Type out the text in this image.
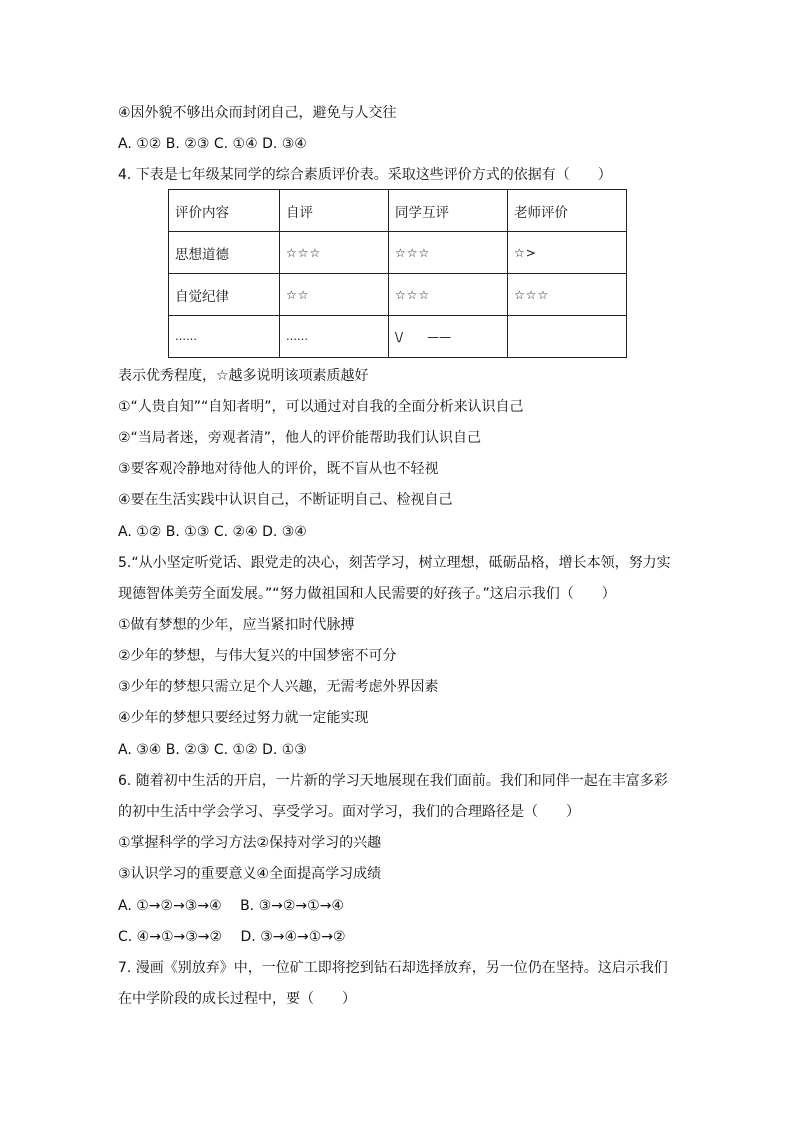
④因外貌不够出众而封闭自己，避免与人交往
A. ①② B. ②③ C. ①④ D. ③④
4. 下表是七年级某同学的综合素质评价表。采取这些评价方式的依据有（　　）
评价内容	自评	同学互评	老师评价
思想道德	☆☆☆	☆☆☆	☆>
自觉纪律	☆☆	☆☆☆	☆☆☆
……	……	\/　　——	
表示优秀程度，☆越多说明该项素质越好
①“人贵自知”“自知者明”，可以通过对自我的全面分析来认识自己
②“当局者迷，旁观者清”，他人的评价能帮助我们认识自己
③要客观冷静地对待他人的评价，既不盲从也不轻视
④要在生活实践中认识自己，不断证明自己、检视自己
A. ①② B. ①③ C. ②④ D. ③④
5.“从小坚定听党话、跟党走的决心，刻苦学习，树立理想，砥砺品格，增长本领，努力实
现德智体美劳全面发展。”“努力做祖国和人民需要的好孩子。”这启示我们（　　）
①做有梦想的少年，应当紧扣时代脉搏
②少年的梦想，与伟大复兴的中国梦密不可分
③少年的梦想只需立足个人兴趣，无需考虑外界因素
④少年的梦想只要经过努力就一定能实现
A. ③④ B. ②③ C. ①② D. ①③
6. 随着初中生活的开启，一片新的学习天地展现在我们面前。我们和同伴一起在丰富多彩
的初中生活中学会学习、享受学习。面对学习，我们的合理路径是（　　）
①掌握科学的学习方法②保持对学习的兴趣
③认识学习的重要意义④全面提高学习成绩
A. ①→②→③→④　 B. ③→②→①→④
C. ④→①→③→②　 D. ③→④→①→②
7. 漫画《别放弃》中，一位矿工即将挖到钻石却选择放弃，另一位仍在坚持。这启示我们
在中学阶段的成长过程中，要（　　）
